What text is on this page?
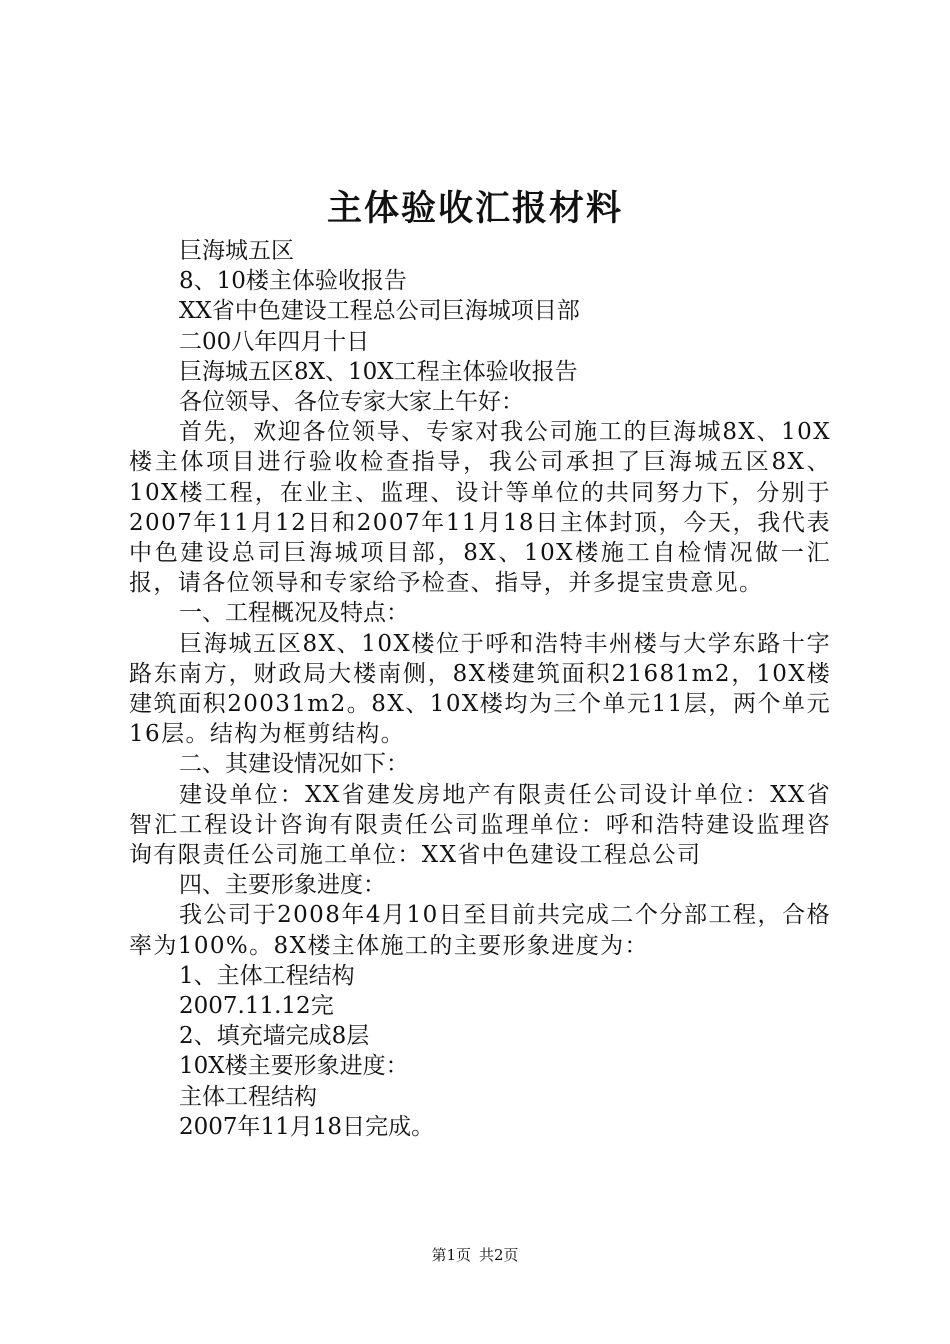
主体验收汇报材料
巨海城五区
8、10楼主体验收报告
XX省中色建设工程总公司巨海城项目部
二00八年四月十日
巨海城五区8X、10X工程主体验收报告
各位领导、各位专家大家上午好：
首先，欢迎各位领导、专家对我公司施工的巨海城8X、10X楼主体项目进行验收检查指导，我公司承担了巨海城五区8X、10X楼工程，在业主、监理、设计等单位的共同努力下，分别于2007年11月12日和2007年11月18日主体封顶，今天，我代表中色建设总司巨海城项目部，8X、10X楼施工自检情况做一汇报，请各位领导和专家给予检查、指导，并多提宝贵意见。
一、工程概况及特点：
巨海城五区8X、10X楼位于呼和浩特丰州楼与大学东路十字路东南方，财政局大楼南侧，8X楼建筑面积21681m2，10X楼建筑面积20031m2。8X、10X楼均为三个单元11层，两个单元16层。结构为框剪结构。
二、其建设情况如下：
建设单位：XX省建发房地产有限责任公司设计单位：XX省智汇工程设计咨询有限责任公司监理单位：呼和浩特建设监理咨询有限责任公司施工单位：XX省中色建设工程总公司
四、主要形象进度：
我公司于2008年4月10日至目前共完成二个分部工程，合格率为100%。8X楼主体施工的主要形象进度为：
1、主体工程结构
2007.11.12完
2、填充墙完成8层
10X楼主要形象进度：
主体工程结构
2007年11月18日完成。
第1页 共2页
